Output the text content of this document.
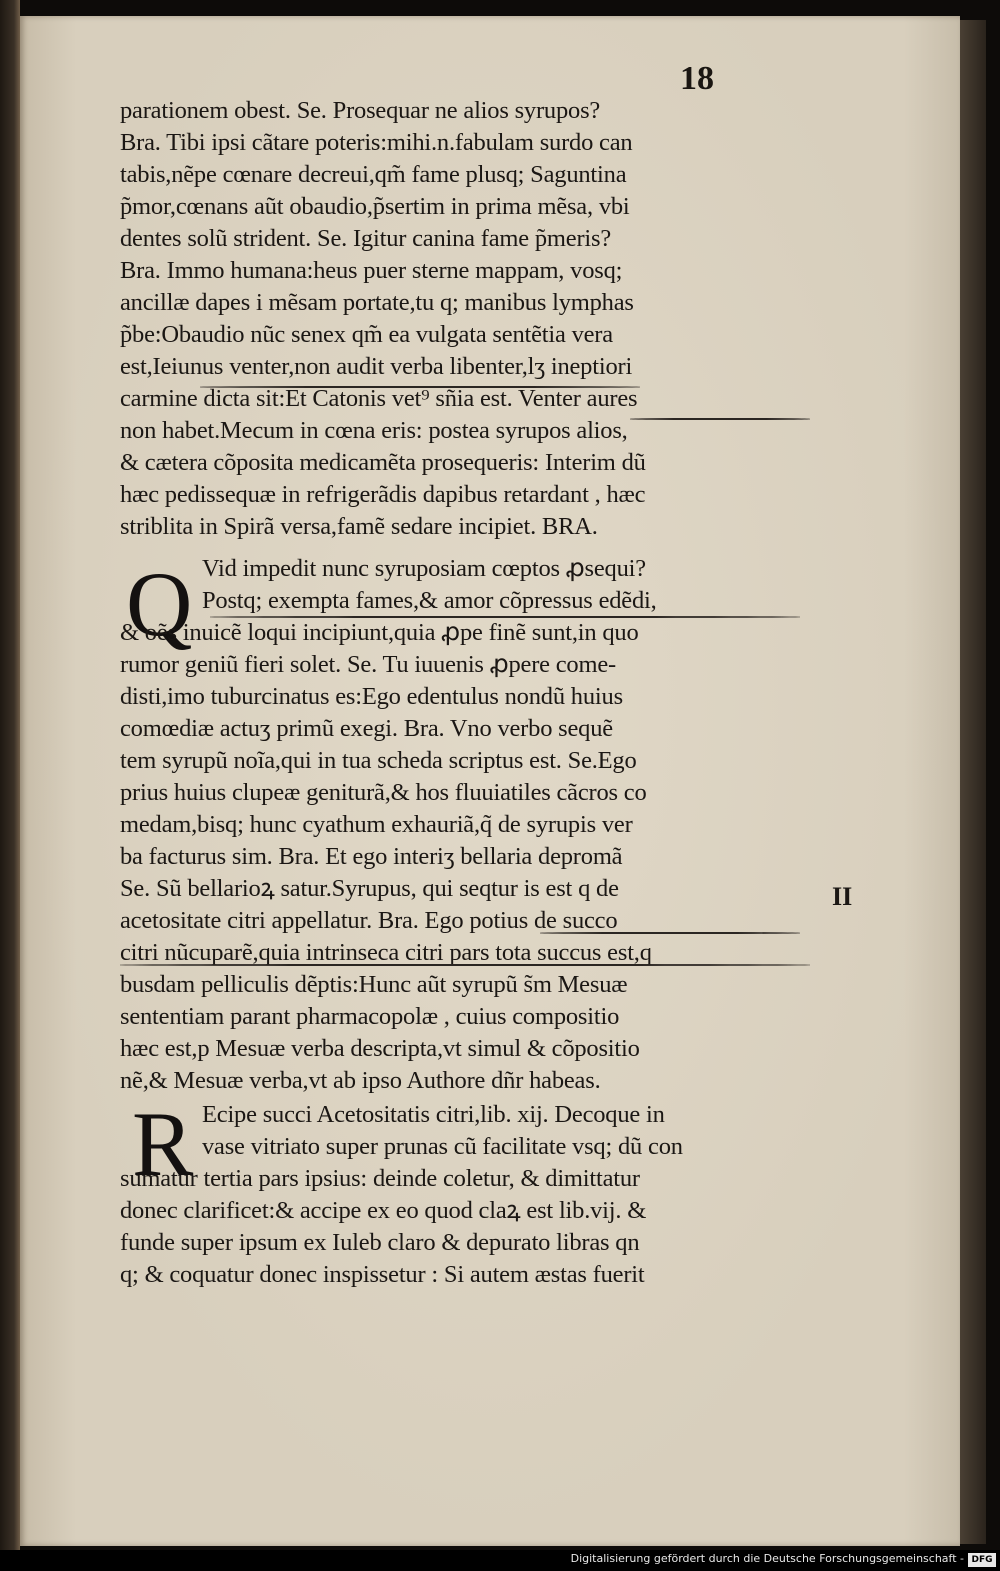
18
parationem obest. Se. Prosequar ne alios syrupos?
Bra. Tibi ipsi cãtare poteris:mihi.n.fabulam surdo can
tabis,nẽpe cœnare decreui,qm̃ fame plusq; Saguntina
p̃mor,cœnans aũt obaudio,p̃sertim in prima mẽsa, vbi
dentes solũ strident. Se. Igitur canina fame p̃meris?
Bra. Immo humana:heus puer sterne mappam, vosq;
ancillæ dapes i mẽsam portate,tu q; manibus lymphas
p̃be:Obaudio nũc senex qm̃ ea vulgata sentẽtia vera
est,Ieiunus venter,non audit verba libenter,lʒ ineptiori
carmine dicta sit:Et Catonis vet⁹ sñia est. Venter aures
non habet.Mecum in cœna eris: postea syrupos alios,
& cætera cõposita medicamẽta prosequeris: Interim dũ
hæc pedissequæ in refrigerãdis dapibus retardant , hæc
striblita in Spirã versa,famẽ sedare incipiet. BRA.
Q Vid impedit nunc syruposiam cœptos ꝓsequi?
Postq; exempta fames,& amor cõpressus edẽdi,
& oẽs inuicẽ loqui incipiunt,quia ꝓpe finẽ sunt,in quo
rumor geniũ fieri solet. Se. Tu iuuenis ꝓpere come-
disti,imo tuburcinatus es:Ego edentulus nondũ huius
comœdiæ actuʒ primũ exegi. Bra. Vno verbo sequẽ
tem syrupũ noĩa,qui in tua scheda scriptus est. Se.Ego
prius huius clupeæ geniturã,& hos fluuiatiles cãcros co
medam,bisq; hunc cyathum exhauriã,q̃ de syrupis ver
ba facturus sim. Bra. Et ego interiʒ bellaria depromã
Se. Sũ bellarioꝝ satur.Syrupus, qui seqtur is est q de
acetositate citri appellatur. Bra. Ego potius de succo
citri nũcuparẽ,quia intrinseca citri pars tota succus est,q
busdam pelliculis dẽptis:Hunc aũt syrupũ s̃m Mesuæ
sententiam parant pharmacopolæ , cuius compositio
hæc est,p Mesuæ verba descripta,vt simul & cõpositio
nẽ,& Mesuæ verba,vt ab ipso Authore dñr habeas.
R Ecipe succi Acetositatis citri,lib. xij. Decoque in
vase vitriato super prunas cũ facilitate vsq; dũ con
sumatur tertia pars ipsius: deinde coletur, & dimittatur
donec clarificet:& accipe ex eo quod claꝝ est lib.vij. &
funde super ipsum ex Iuleb claro & depurato libras qn
q; & coquatur donec inspissetur : Si autem æstas fuerit
II
Digitalisierung gefördert durch die Deutsche Forschungsgemeinschaft - DFG
